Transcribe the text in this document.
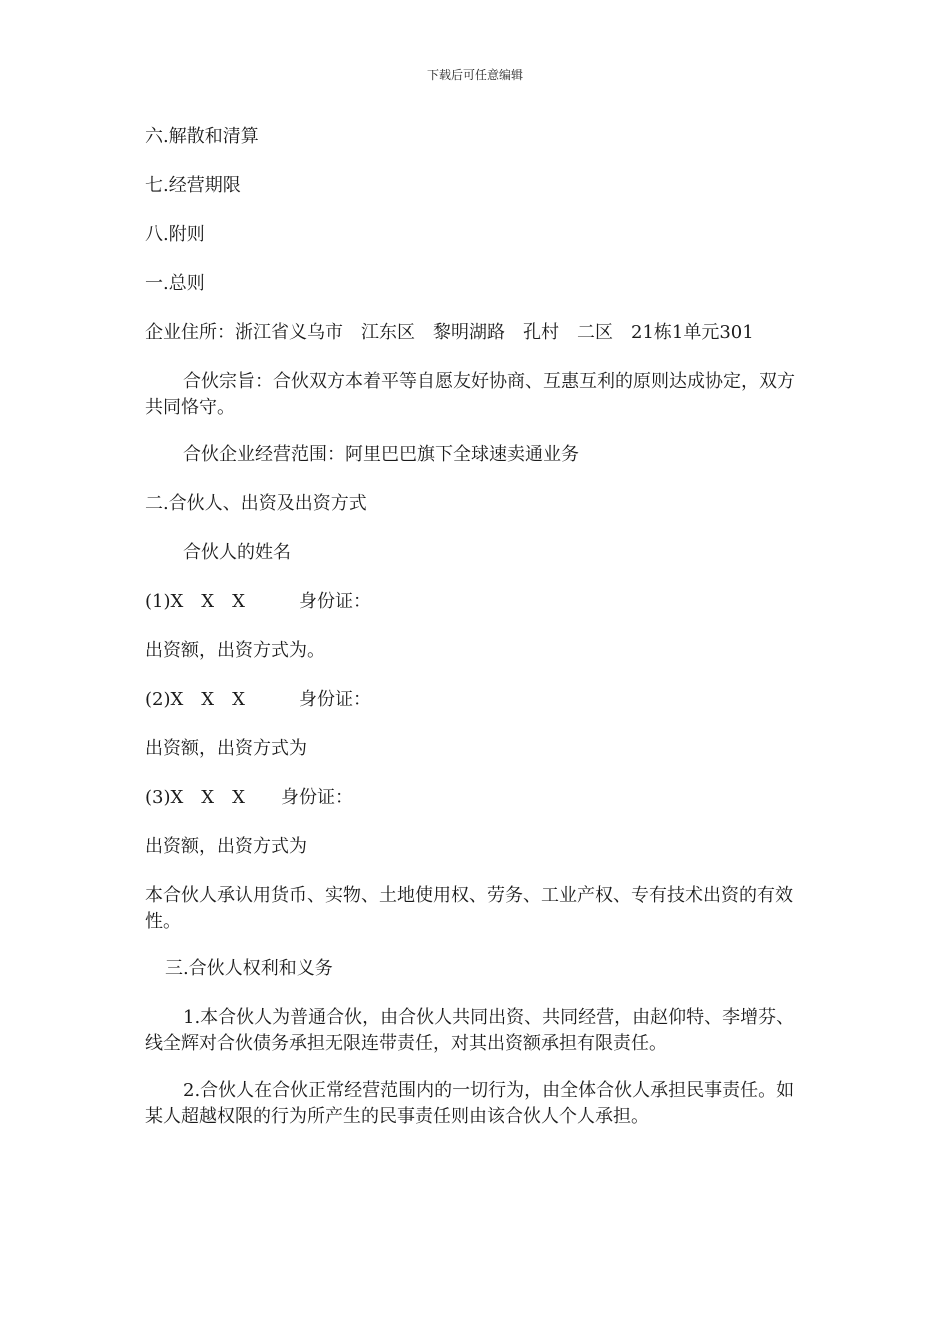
下载后可任意编辑
六.解散和清算
七.经营期限
八.附则
一.总则
企业住所：浙江省义乌市　江东区　黎明湖路　孔村　二区　21栋1单元301
合伙宗旨：合伙双方本着平等自愿友好协商、互惠互利的原则达成协定，双方共同恪守。
合伙企业经营范围：阿里巴巴旗下全球速卖通业务
二.合伙人、出资及出资方式
合伙人的姓名
(1)X　X　X　　　身份证：
出资额，出资方式为。
(2)X　X　X　　　身份证：
出资额，出资方式为
(3)X　X　X　　身份证：
出资额，出资方式为
本合伙人承认用货币、实物、土地使用权、劳务、工业产权、专有技术出资的有效性。
三.合伙人权利和义务
1.本合伙人为普通合伙，由合伙人共同出资、共同经营，由赵仰特、李增芬、线全辉对合伙债务承担无限连带责任，对其出资额承担有限责任。
2.合伙人在合伙正常经营范围内的一切行为，由全体合伙人承担民事责任。如某人超越权限的行为所产生的民事责任则由该合伙人个人承担。
